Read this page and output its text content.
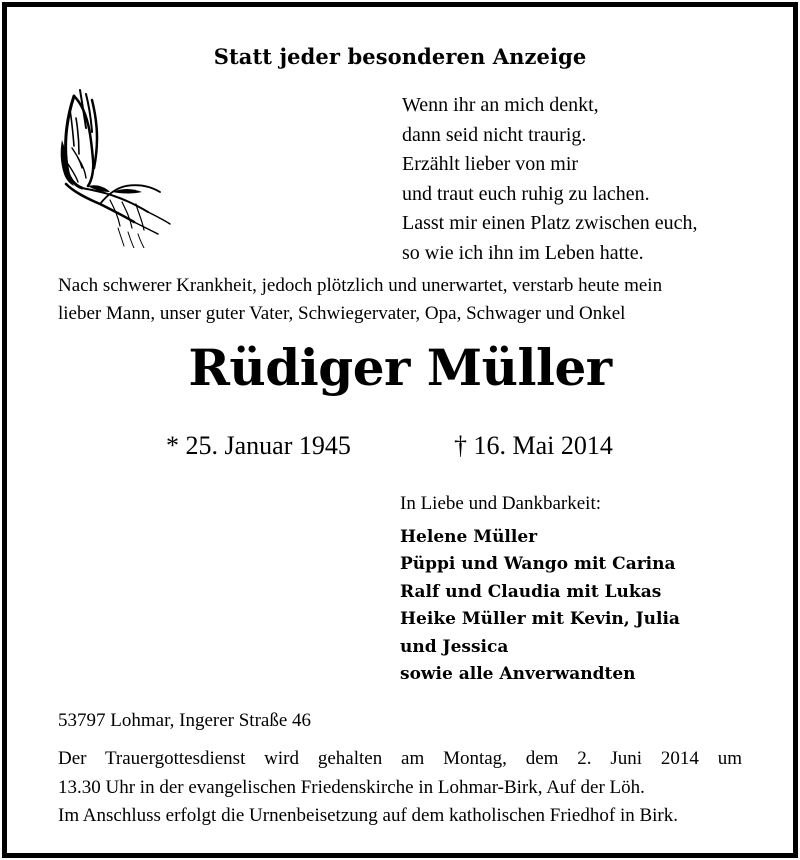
Statt jeder besonderen Anzeige
Wenn ihr an mich denkt,
dann seid nicht traurig.
Erzählt lieber von mir
und traut euch ruhig zu lachen.
Lasst mir einen Platz zwischen euch,
so wie ich ihn im Leben hatte.
Nach schwerer Krankheit, jedoch plötzlich und unerwartet, verstarb heute mein
lieber Mann, unser guter Vater, Schwiegervater, Opa, Schwager und Onkel
Rüdiger Müller
* 25. Januar 1945	† 16. Mai 2014
In Liebe und Dankbarkeit:
Helene Müller
Püppi und Wango mit Carina
Ralf und Claudia mit Lukas
Heike Müller mit Kevin, Julia
und Jessica
sowie alle Anverwandten
53797 Lohmar, Ingerer Straße 46
Der Trauergottesdienst wird gehalten am Montag, dem 2. Juni 2014 um
13.30 Uhr in der evangelischen Friedenskirche in Lohmar-Birk, Auf der Löh.
Im Anschluss erfolgt die Urnenbeisetzung auf dem katholischen Friedhof in Birk.
